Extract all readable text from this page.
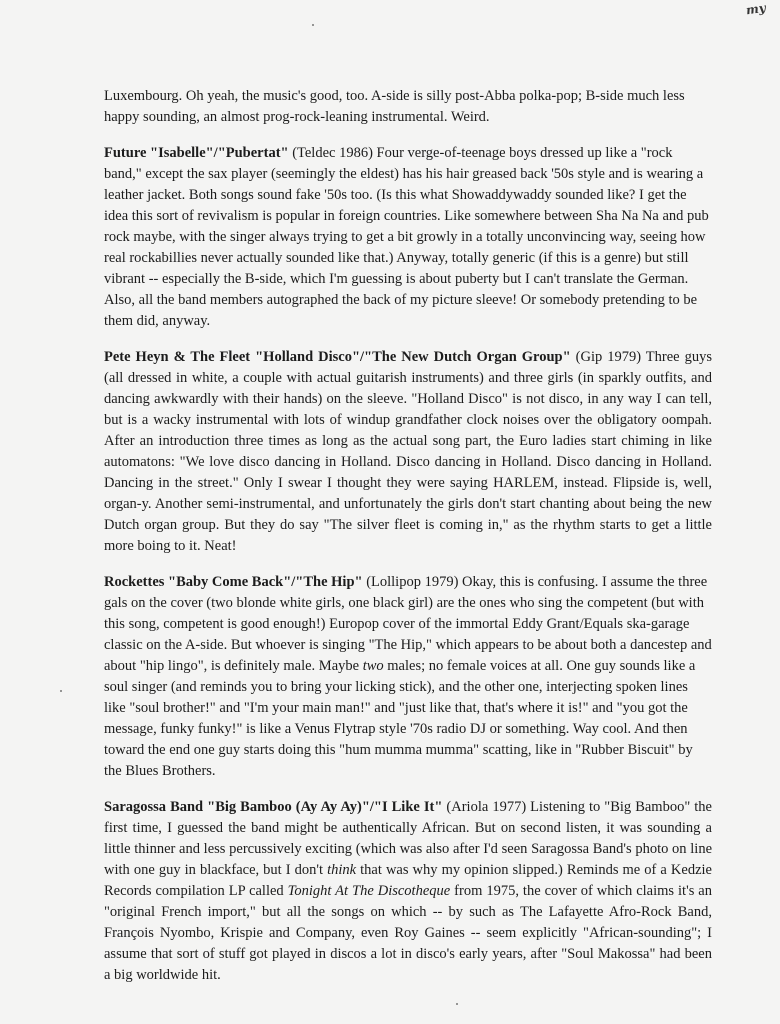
my

Luxembourg. Oh yeah, the music's good, too. A-side is silly post-Abba polka-pop; B-side much less happy sounding, an almost prog-rock-leaning instrumental. Weird.

Future "Isabelle"/"Pubertat" (Teldec 1986) Four verge-of-teenage boys dressed up like a "rock band," except the sax player (seemingly the eldest) has his hair greased back '50s style and is wearing a leather jacket. Both songs sound fake '50s too. (Is this what Showaddywaddy sounded like? I get the idea this sort of revivalism is popular in foreign countries. Like somewhere between Sha Na Na and pub rock maybe, with the singer always trying to get a bit growly in a totally unconvincing way, seeing how real rockabillies never actually sounded like that.) Anyway, totally generic (if this is a genre) but still vibrant -- especially the B-side, which I'm guessing is about puberty but I can't translate the German. Also, all the band members autographed the back of my picture sleeve! Or somebody pretending to be them did, anyway.

Pete Heyn & The Fleet "Holland Disco"/"The New Dutch Organ Group" (Gip 1979) Three guys (all dressed in white, a couple with actual guitarish instruments) and three girls (in sparkly outfits, and dancing awkwardly with their hands) on the sleeve. "Holland Disco" is not disco, in any way I can tell, but is a wacky instrumental with lots of windup grandfather clock noises over the obligatory oompah. After an introduction three times as long as the actual song part, the Euro ladies start chiming in like automatons: "We love disco dancing in Holland. Disco dancing in Holland. Disco dancing in Holland. Dancing in the street." Only I swear I thought they were saying HARLEM, instead. Flipside is, well, organ-y. Another semi-instrumental, and unfortunately the girls don't start chanting about being the new Dutch organ group. But they do say "The silver fleet is coming in," as the rhythm starts to get a little more boing to it. Neat!

Rockettes "Baby Come Back"/"The Hip" (Lollipop 1979) Okay, this is confusing. I assume the three gals on the cover (two blonde white girls, one black girl) are the ones who sing the competent (but with this song, competent is good enough!) Europop cover of the immortal Eddy Grant/Equals ska-garage classic on the A-side. But whoever is singing "The Hip," which appears to be about both a dancestep and about "hip lingo", is definitely male. Maybe two males; no female voices at all. One guy sounds like a soul singer (and reminds you to bring your licking stick), and the other one, interjecting spoken lines like "soul brother!" and "I'm your main man!" and "just like that, that's where it is!" and "you got the message, funky funky!" is like a Venus Flytrap style '70s radio DJ or something. Way cool. And then toward the end one guy starts doing this "hum mumma mumma" scatting, like in "Rubber Biscuit" by the Blues Brothers.

Saragossa Band "Big Bamboo (Ay Ay Ay)"/"I Like It" (Ariola 1977) Listening to "Big Bamboo" the first time, I guessed the band might be authentically African. But on second listen, it was sounding a little thinner and less percussively exciting (which was also after I'd seen Saragossa Band's photo on line with one guy in blackface, but I don't think that was why my opinion slipped.) Reminds me of a Kedzie Records compilation LP called Tonight At The Discotheque from 1975, the cover of which claims it's an "original French import," but all the songs on which -- by such as The Lafayette Afro-Rock Band, François Nyombo, Krispie and Company, even Roy Gaines -- seem explicitly "African-sounding"; I assume that sort of stuff got played in discos a lot in disco's early years, after "Soul Makossa" had been a big worldwide hit.
